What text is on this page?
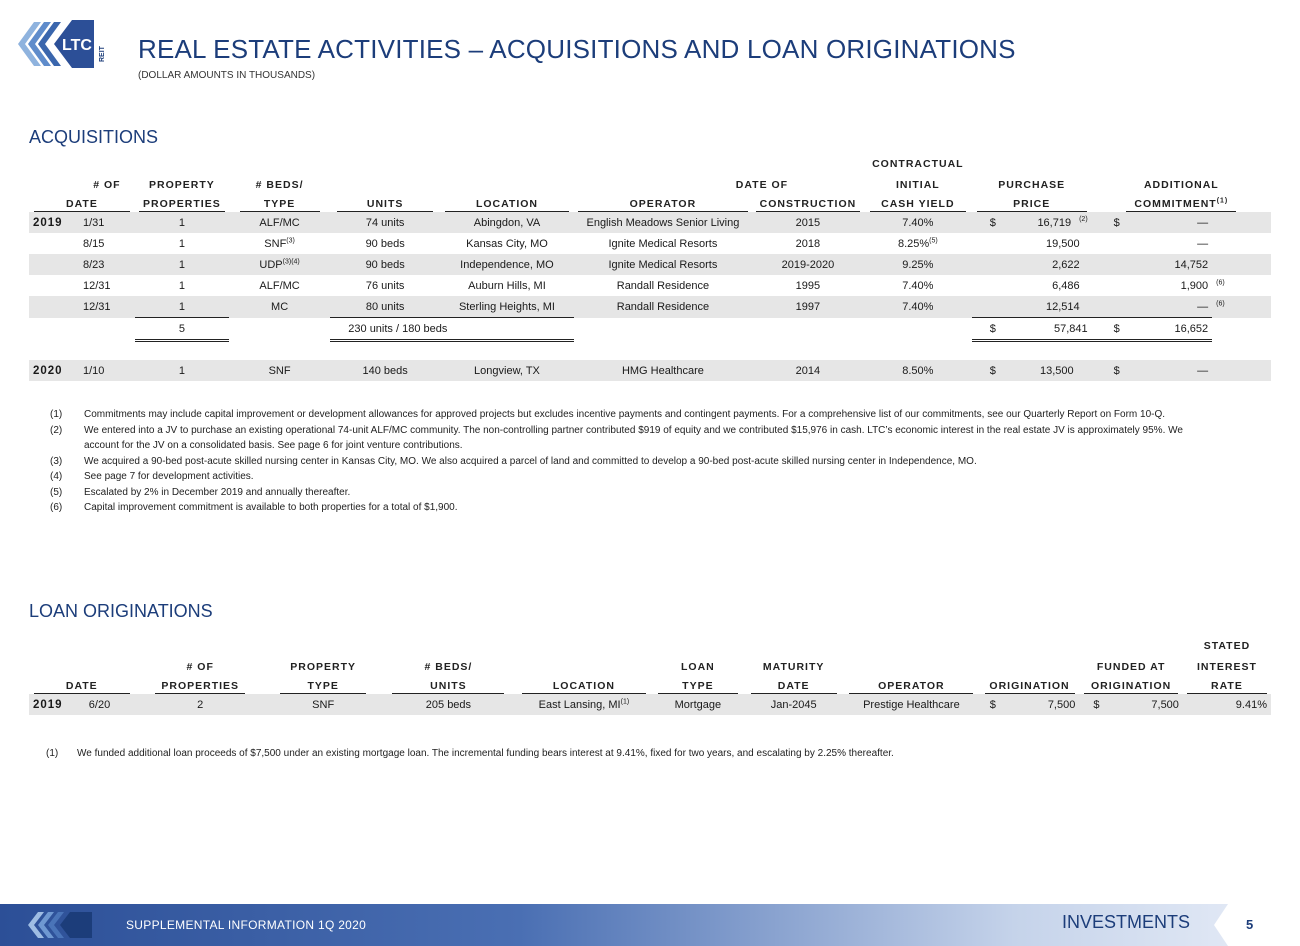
LTC
REIT REAL ESTATE ACTIVITIES – ACQUISITIONS AND LOAN ORIGINATIONS
(DOLLAR AMOUNTS IN THOUSANDS)
ACQUISITIONS
								CONTRACTUAL			
	# OF	PROPERTY	# BEDS/			DATE OF		INITIAL	PURCHASE	ADDITIONAL	
DATE		PROPERTIES	TYPE	UNITS	LOCATION	OPERATOR	CONSTRUCTION	CASH YIELD	PRICE	COMMITMENT$^{(1)}$
2019	1/31	1	ALF/MC	74 units	Abingdon, VA	English Meadows Senior Living	2015	7.40%	$ 16,719 $^{(2)}$	$ —	

	8/15	1	SNF$^{(3)}$	90 beds	Kansas City, MO	Ignite Medical Resorts	2018	8.25%$^{(5)}$	19,500	—	

	8/23	1	$UDP^{(3)(4)}$	90 beds	Independence, MO	Ignite Medical Resorts	2019-2020	9.25%	2,622	14,752	

	12/31	1	ALF/MC	76 units	Auburn Hills, MI	Randall Residence	1995	7.40%	6,486	1,900	$^{(6)}$
	12/31	1	MC	80 units	Sterling Heights, MI	Randall Residence	1997	7.40%	12,514	—	$^{(6)}$
		5		230 units / 180 beds					$ 57,841	$ 16,652	

2020	1/10	1	SNF	140 beds	Longview, TX	HMG Healthcare	2014	8.50%	$ 13,500	$ —	

(1)	Commitments may include capital improvement or development allowances for approved projects but excludes incentive payments and contingent payments. For a comprehensive list of our commitments, see our Quarterly Report on Form 10-Q.
(2)	We entered into a JV to purchase an existing operational 74-unit ALF/MC community. The non-controlling partner contributed $919 of equity and we contributed $15,976 in cash. LTC’s economic interest in the real estate JV is approximately 95%. We account for the JV on a consolidated basis. See page 6 for joint venture contributions.
(3)	We acquired a 90-bed post-acute skilled nursing center in Kansas City, MO. We also acquired a parcel of land and committed to develop a 90-bed post-acute skilled nursing center in Independence, MO.
(4)	See page 7 for development activities.
(5)	Escalated by 2% in December 2019 and annually thereafter.
(6)	Capital improvement commitment is available to both properties for a total of $1,900.
LOAN ORIGINATIONS
											STATED
		# OF	PROPERTY	# BEDS/		LOAN	MATURITY			FUNDED AT	INTEREST
DATE		PROPERTIES	TYPE	UNITS	LOCATION	TYPE	DATE	OPERATOR	ORIGINATION	ORIGINATION	RATE
2019	6/20	2	SNF	205 beds	East Lansing, MI$^{(1)}$	Mortgage	Jan-2045	Prestige Healthcare	$ 7,500	$ 7,500	9.41%
(1)	We funded additional loan proceeds of $7,500 under an existing mortgage loan. The incremental funding bears interest at 9.41%, fixed for two years, and escalating by 2.25% thereafter.
SUPPLEMENTAL INFORMATION 1Q 2020	INVESTMENTS	5
